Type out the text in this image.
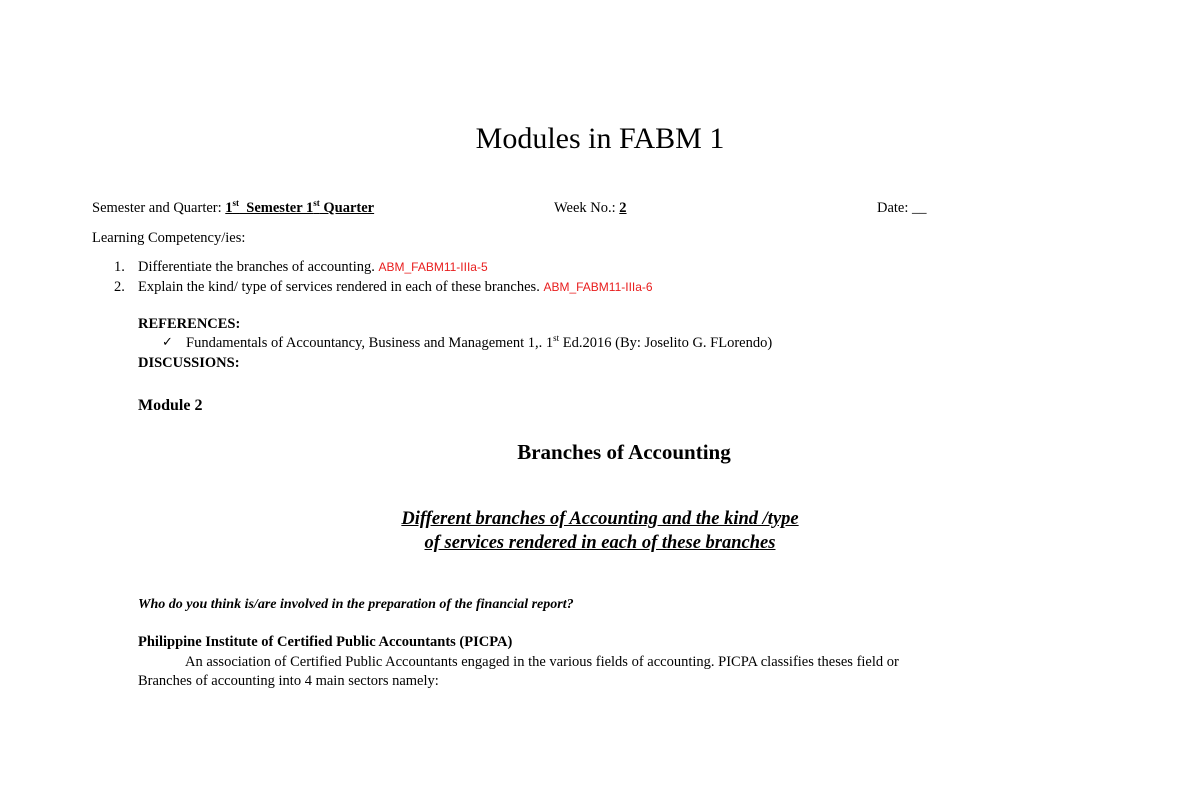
Modules in FABM 1
Semester and Quarter: 1st  Semester 1st Quarter	Week No.: 2	Date: __
Learning Competency/ies:
1. Differentiate the branches of accounting. ABM_FABM11-IIIa-5
2. Explain the kind/ type of services rendered in each of these branches. ABM_FABM11-IIIa-6
REFERENCES:
✓ Fundamentals of Accountancy, Business and Management 1,. 1st Ed.2016 (By: Joselito G. FLorendo)
DISCUSSIONS:
Module 2
Branches of Accounting
Different branches of Accounting and the kind /type
of services rendered in each of these branches
Who do you think is/are involved in the preparation of the financial report?
Philippine Institute of Certified Public Accountants (PICPA)
An association of Certified Public Accountants engaged in the various fields of accounting. PICPA classifies theses field or
Branches of accounting into 4 main sectors namely:
